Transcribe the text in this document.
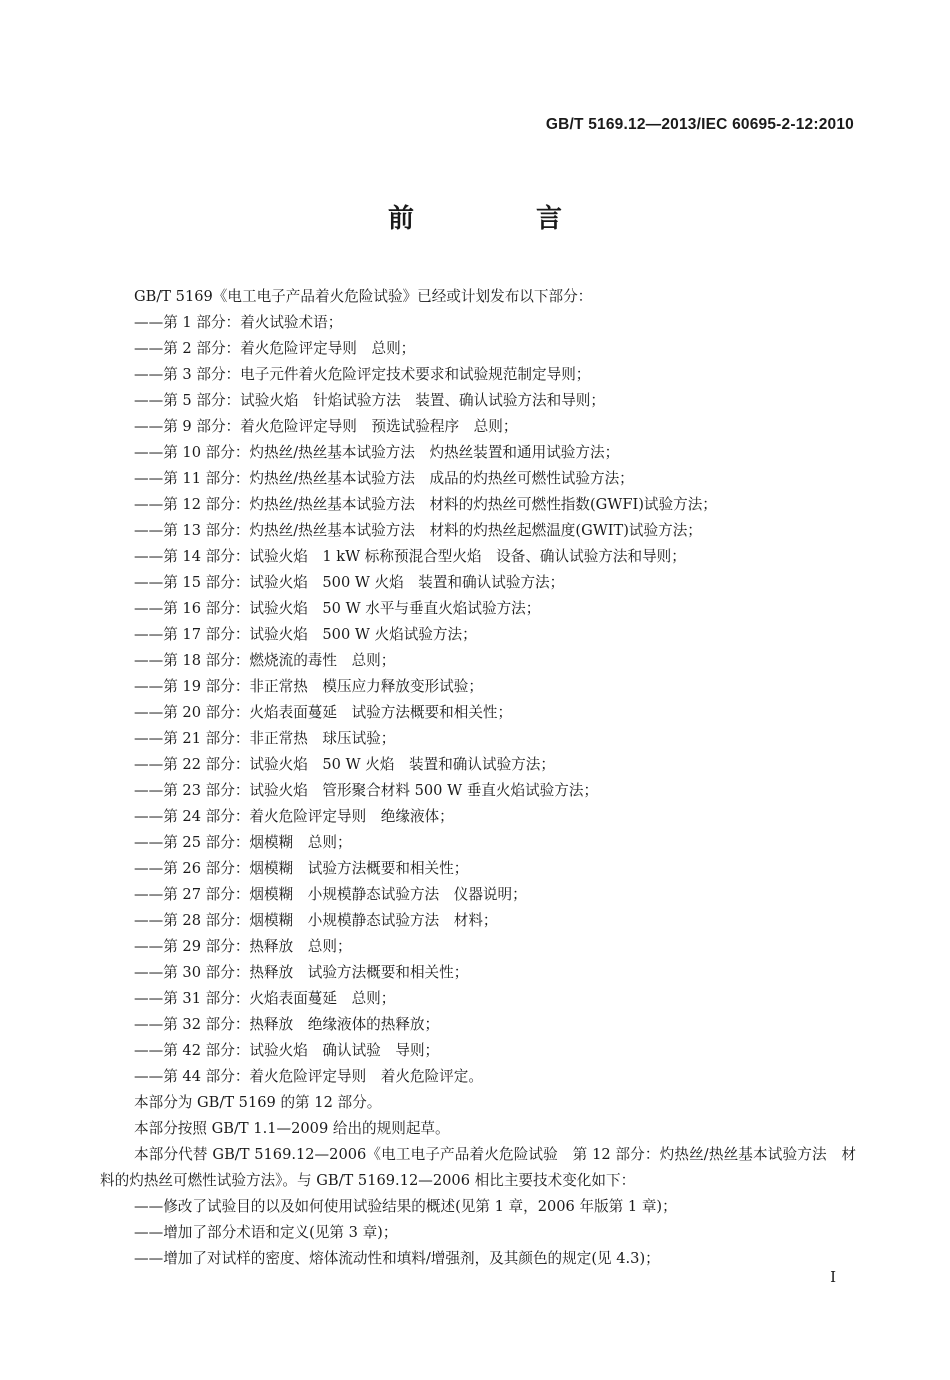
GB/T 5169.12—2013/IEC 60695-2-12:2010
前　言
GB/T 5169《电工电子产品着火危险试验》已经或计划发布以下部分：
——第 1 部分：着火试验术语；
——第 2 部分：着火危险评定导则　总则；
——第 3 部分：电子元件着火危险评定技术要求和试验规范制定导则；
——第 5 部分：试验火焰　针焰试验方法　装置、确认试验方法和导则；
——第 9 部分：着火危险评定导则　预选试验程序　总则；
——第 10 部分：灼热丝/热丝基本试验方法　灼热丝装置和通用试验方法；
——第 11 部分：灼热丝/热丝基本试验方法　成品的灼热丝可燃性试验方法；
——第 12 部分：灼热丝/热丝基本试验方法　材料的灼热丝可燃性指数(GWFI)试验方法；
——第 13 部分：灼热丝/热丝基本试验方法　材料的灼热丝起燃温度(GWIT)试验方法；
——第 14 部分：试验火焰　1 kW 标称预混合型火焰　设备、确认试验方法和导则；
——第 15 部分：试验火焰　500 W 火焰　装置和确认试验方法；
——第 16 部分：试验火焰　50 W 水平与垂直火焰试验方法；
——第 17 部分：试验火焰　500 W 火焰试验方法；
——第 18 部分：燃烧流的毒性　总则；
——第 19 部分：非正常热　模压应力释放变形试验；
——第 20 部分：火焰表面蔓延　试验方法概要和相关性；
——第 21 部分：非正常热　球压试验；
——第 22 部分：试验火焰　50 W 火焰　装置和确认试验方法；
——第 23 部分：试验火焰　管形聚合材料 500 W 垂直火焰试验方法；
——第 24 部分：着火危险评定导则　绝缘液体；
——第 25 部分：烟模糊　总则；
——第 26 部分：烟模糊　试验方法概要和相关性；
——第 27 部分：烟模糊　小规模静态试验方法　仪器说明；
——第 28 部分：烟模糊　小规模静态试验方法　材料；
——第 29 部分：热释放　总则；
——第 30 部分：热释放　试验方法概要和相关性；
——第 31 部分：火焰表面蔓延　总则；
——第 32 部分：热释放　绝缘液体的热释放；
——第 42 部分：试验火焰　确认试验　导则；
——第 44 部分：着火危险评定导则　着火危险评定。
本部分为 GB/T 5169 的第 12 部分。
本部分按照 GB/T 1.1—2009 给出的规则起草。
本部分代替 GB/T 5169.12—2006《电工电子产品着火危险试验　第 12 部分：灼热丝/热丝基本试验方法　材料的灼热丝可燃性试验方法》。与 GB/T 5169.12—2006 相比主要技术变化如下：
——修改了试验目的以及如何使用试验结果的概述(见第 1 章，2006 年版第 1 章)；
——增加了部分术语和定义(见第 3 章)；
——增加了对试样的密度、熔体流动性和填料/增强剂，及其颜色的规定(见 4.3)；
I
